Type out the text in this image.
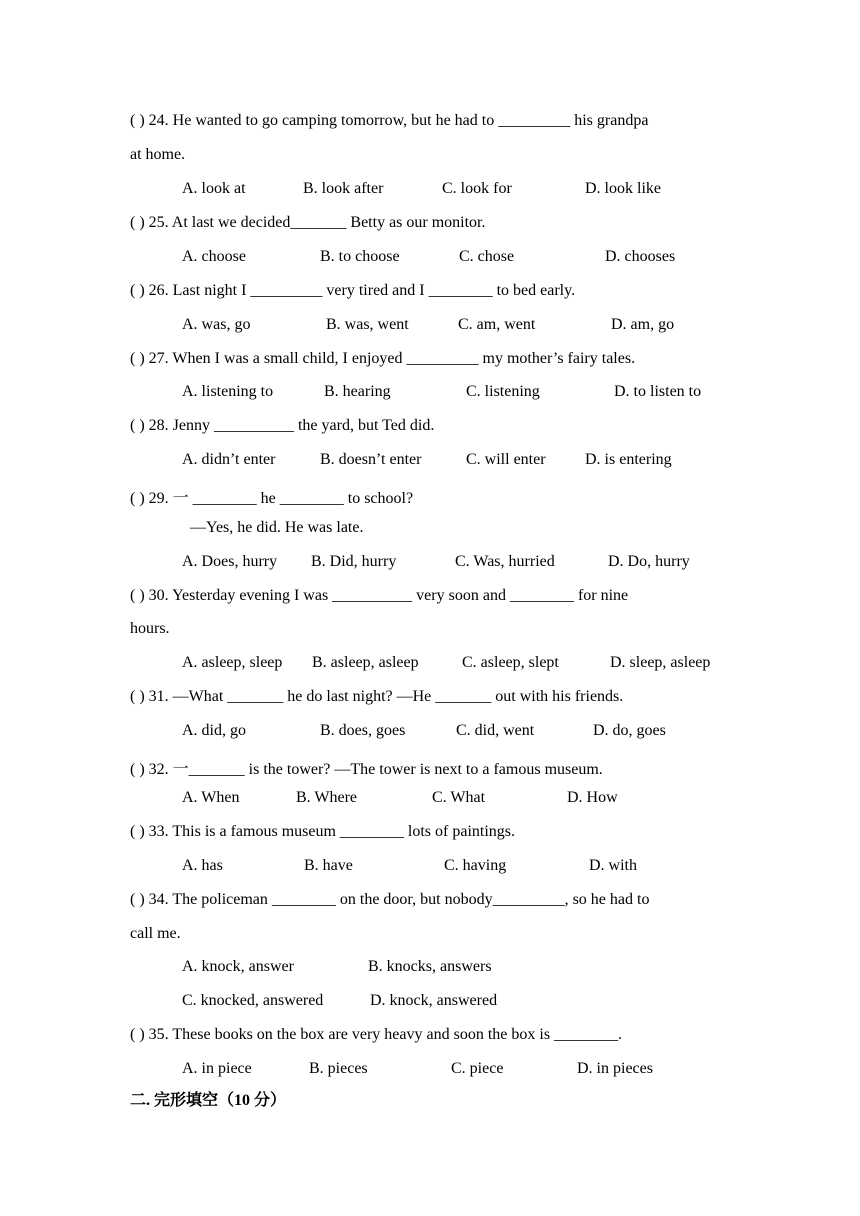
( ) 24. He wanted to go camping tomorrow, but he had to _________ his grandpa
at home.
A. look at	B. look after	C. look for	D. look like
( ) 25. At last we decided_______ Betty as our monitor.
A. choose	B. to choose	C. chose	D. chooses
( ) 26. Last night I _________ very tired and I ________ to bed early.
A. was, go	B. was, went	C. am, went	D. am, go
( ) 27. When I was a small child, I enjoyed _________ my mother’s fairy tales.
A. listening to	B. hearing	C. listening	D. to listen to
( ) 28. Jenny __________ the yard, but Ted did.
A. didn’t enter	B. doesn’t enter	C. will enter D. is entering
( ) 29. 一 ________ he ________ to school?
—Yes, he did. He was late.
A. Does, hurry B. Did, hurry	C. Was, hurried	D. Do, hurry
( ) 30. Yesterday evening I was __________ very soon and ________ for nine
hours.
A. asleep, sleep B. asleep, asleep	C. asleep, slept	D. sleep, asleep
( ) 31. —What _______ he do last night? —He _______ out with his friends.
A. did, go	B. does, goes	C. did, went	D. do, goes
( ) 32. 一_______ is the tower? —The tower is next to a famous museum.
A. When	B. Where	C. What	D. How
( ) 33. This is a famous museum ________ lots of paintings.
A. has	B. have	C. having	D. with
( ) 34. The policeman ________ on the door, but nobody_________, so he had to
call me.
A. knock, answer	B. knocks, answers
C. knocked, answered	D. knock, answered
( ) 35. These books on the box are very heavy and soon the box is ________.
A. in piece	B. pieces	C. piece	D. in pieces
二. 完形填空（10 分）
